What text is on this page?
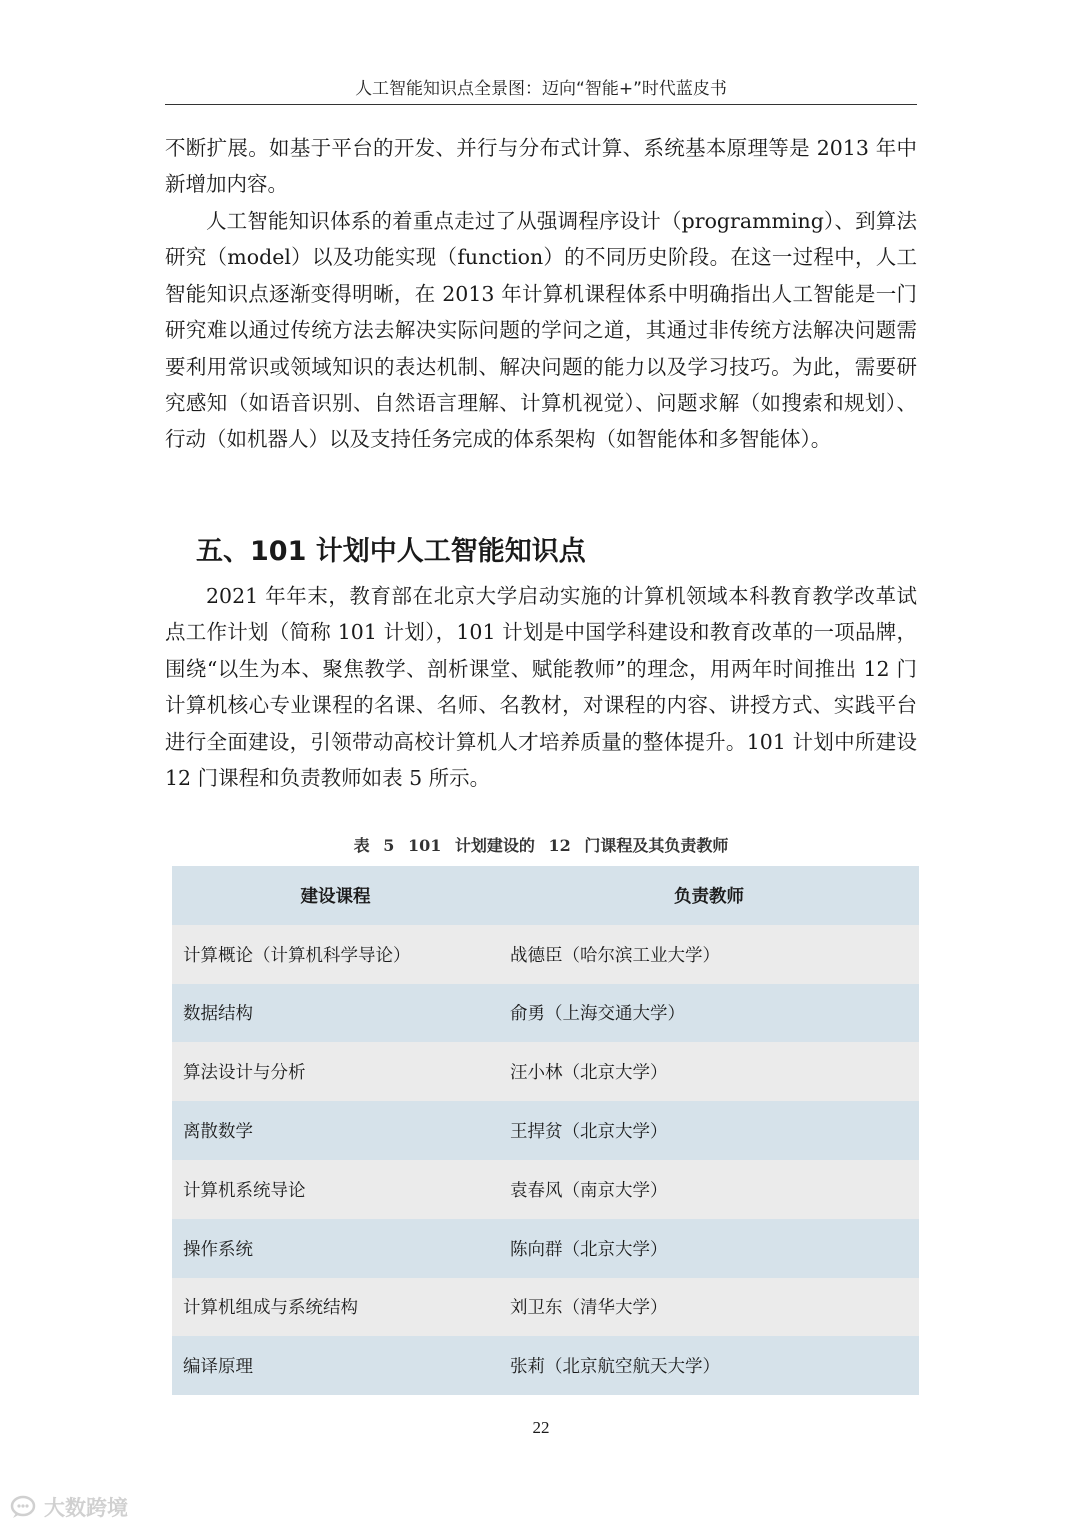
人工智能知识点全景图：迈向“智能+”时代蓝皮书

不断扩展。如基于平台的开发、并行与分布式计算、系统基本原理等是 2013 年中新增加内容。

人工智能知识体系的着重点走过了从强调程序设计（programming）、到算法研究（model）以及功能实现（function）的不同历史阶段。在这一过程中，人工智能知识点逐渐变得明晰，在 2013 年计算机课程体系中明确指出人工智能是一门研究难以通过传统方法去解决实际问题的学问之道，其通过非传统方法解决问题需要利用常识或领域知识的表达机制、解决问题的能力以及学习技巧。为此，需要研究感知（如语音识别、自然语言理解、计算机视觉）、问题求解（如搜索和规划）、行动（如机器人）以及支持任务完成的体系架构（如智能体和多智能体）。

五、101 计划中人工智能知识点

2021 年年末，教育部在北京大学启动实施的计算机领域本科教育教学改革试点工作计划（简称 101 计划），101 计划是中国学科建设和教育改革的一项品牌，围绕“以生为本、聚焦教学、剖析课堂、赋能教师”的理念，用两年时间推出 12 门计算机核心专业课程的名课、名师、名教材，对课程的内容、讲授方式、实践平台进行全面建设，引领带动高校计算机人才培养质量的整体提升。101 计划中所建设 12 门课程和负责教师如表 5 所示。

表 5 101 计划建设的 12 门课程及其负责教师
建设课程	负责教师
计算概论（计算机科学导论）	战德臣（哈尔滨工业大学）
数据结构	俞勇（上海交通大学）
算法设计与分析	汪小林（北京大学）
离散数学	王捍贫（北京大学）
计算机系统导论	袁春风（南京大学）
操作系统	陈向群（北京大学）
计算机组成与系统结构	刘卫东（清华大学）
编译原理	张莉（北京航空航天大学）
22
大数跨境
